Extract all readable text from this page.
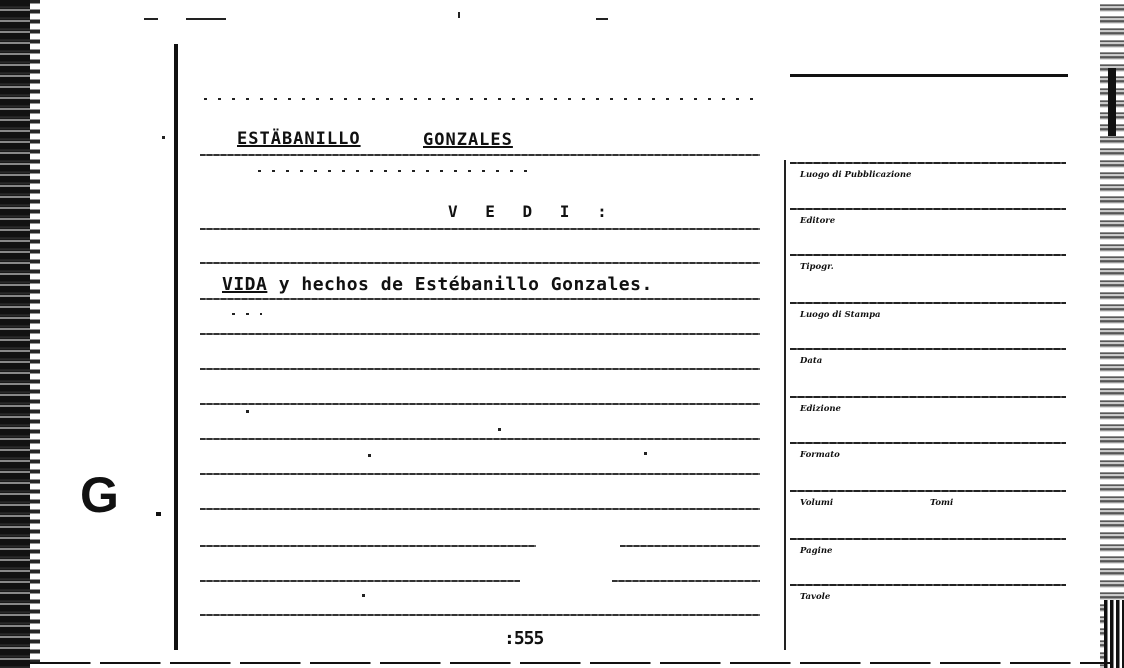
ESTÄBANILLO	GONZALES
V E D I :
VIDA y hechos de Estébanillo Gonzales.
G
:555
Luogo di Pubblicazione
Editore
Tipogr.
Luogo di Stampa
Data
Edizione
Formato
Volumi	Tomi
Pagine
Tavole
